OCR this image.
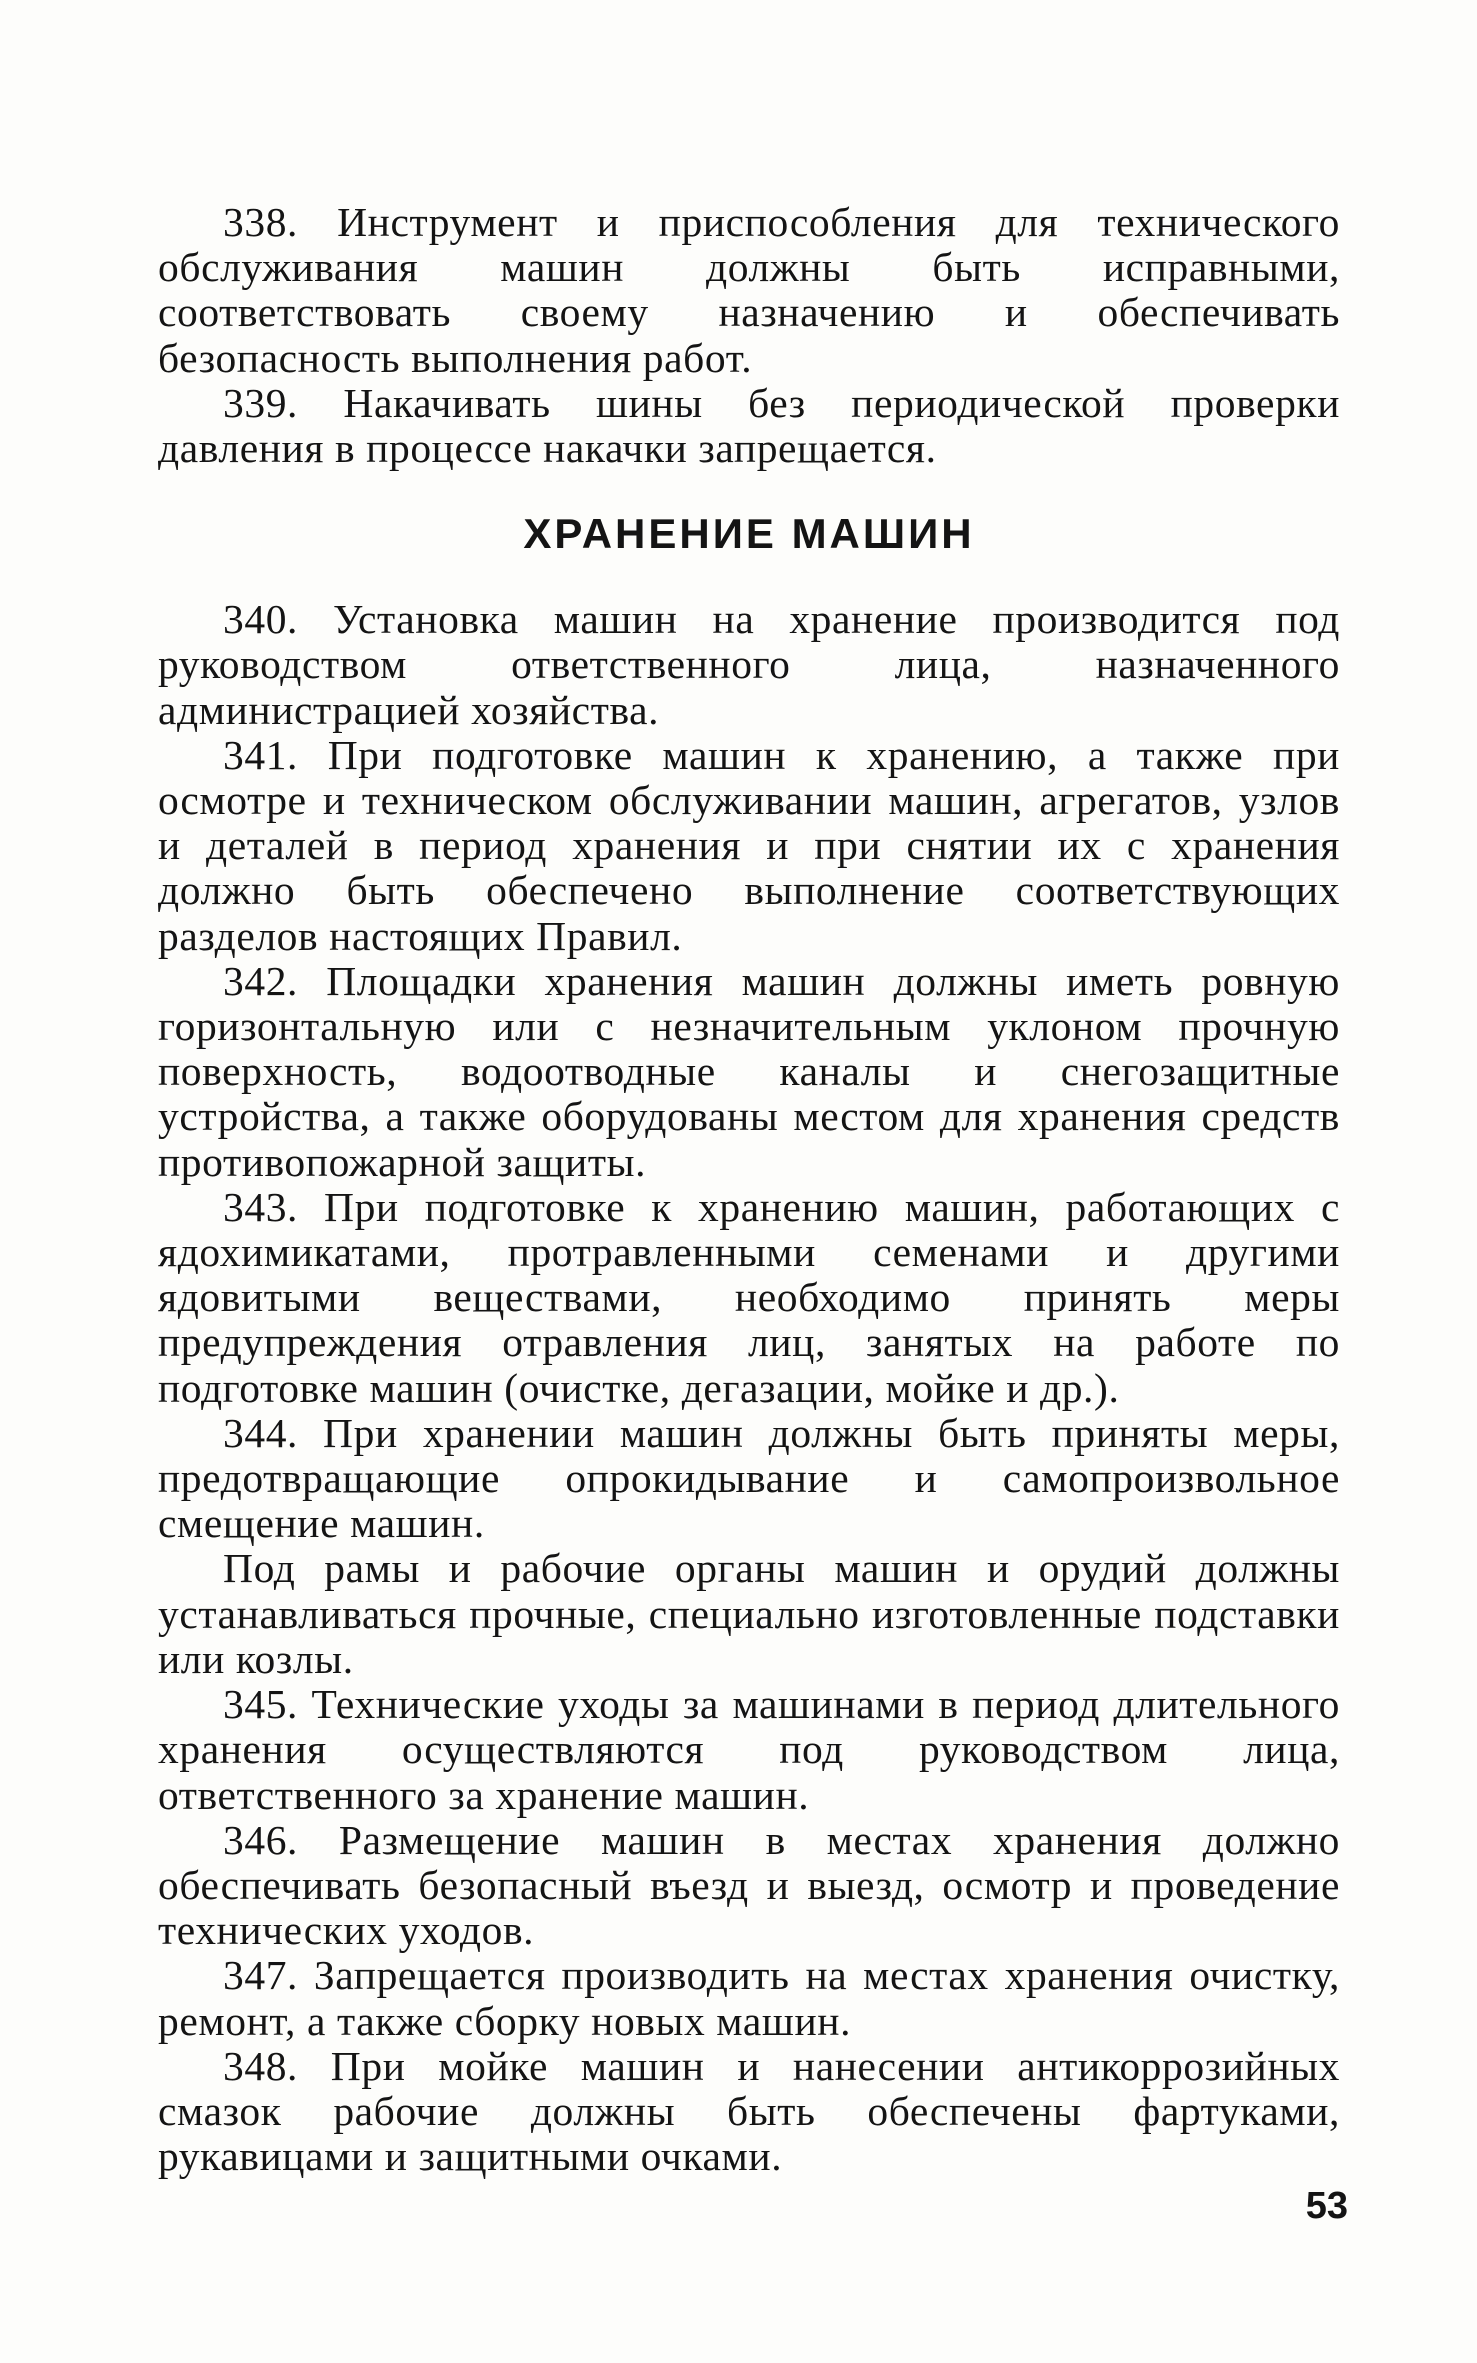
338. Инструмент и приспособления для технического обслуживания машин должны быть исправными, соответствовать своему назначению и обеспечивать безопасность выполнения работ.

339. Накачивать шины без периодической проверки давления в процессе накачки запрещается.

ХРАНЕНИЕ МАШИН

340. Установка машин на хранение производится под руководством ответственного лица, назначенного администрацией хозяйства.

341. При подготовке машин к хранению, а также при осмотре и техническом обслуживании машин, агрегатов, узлов и деталей в период хранения и при снятии их с хранения должно быть обеспечено выполнение соответствующих разделов настоящих Правил.

342. Площадки хранения машин должны иметь ровную горизонтальную или с незначительным уклоном прочную поверхность, водоотводные каналы и снегозащитные устройства, а также оборудованы местом для хранения средств противопожарной защиты.

343. При подготовке к хранению машин, работающих с ядохимикатами, протравленными семенами и другими ядовитыми веществами, необходимо принять меры предупреждения отравления лиц, занятых на работе по подготовке машин (очистке, дегазации, мойке и др.).

344. При хранении машин должны быть приняты меры, предотвращающие опрокидывание и самопроизвольное смещение машин.

Под рамы и рабочие органы машин и орудий должны устанавливаться прочные, специально изготовленные подставки или козлы.

345. Технические уходы за машинами в период длительного хранения осуществляются под руководством лица, ответственного за хранение машин.

346. Размещение машин в местах хранения должно обеспечивать безопасный въезд и выезд, осмотр и проведение технических уходов.

347. Запрещается производить на местах хранения очистку, ремонт, а также сборку новых машин.

348. При мойке машин и нанесении антикоррозийных смазок рабочие должны быть обеспечены фартуками, рукавицами и защитными очками.

53
